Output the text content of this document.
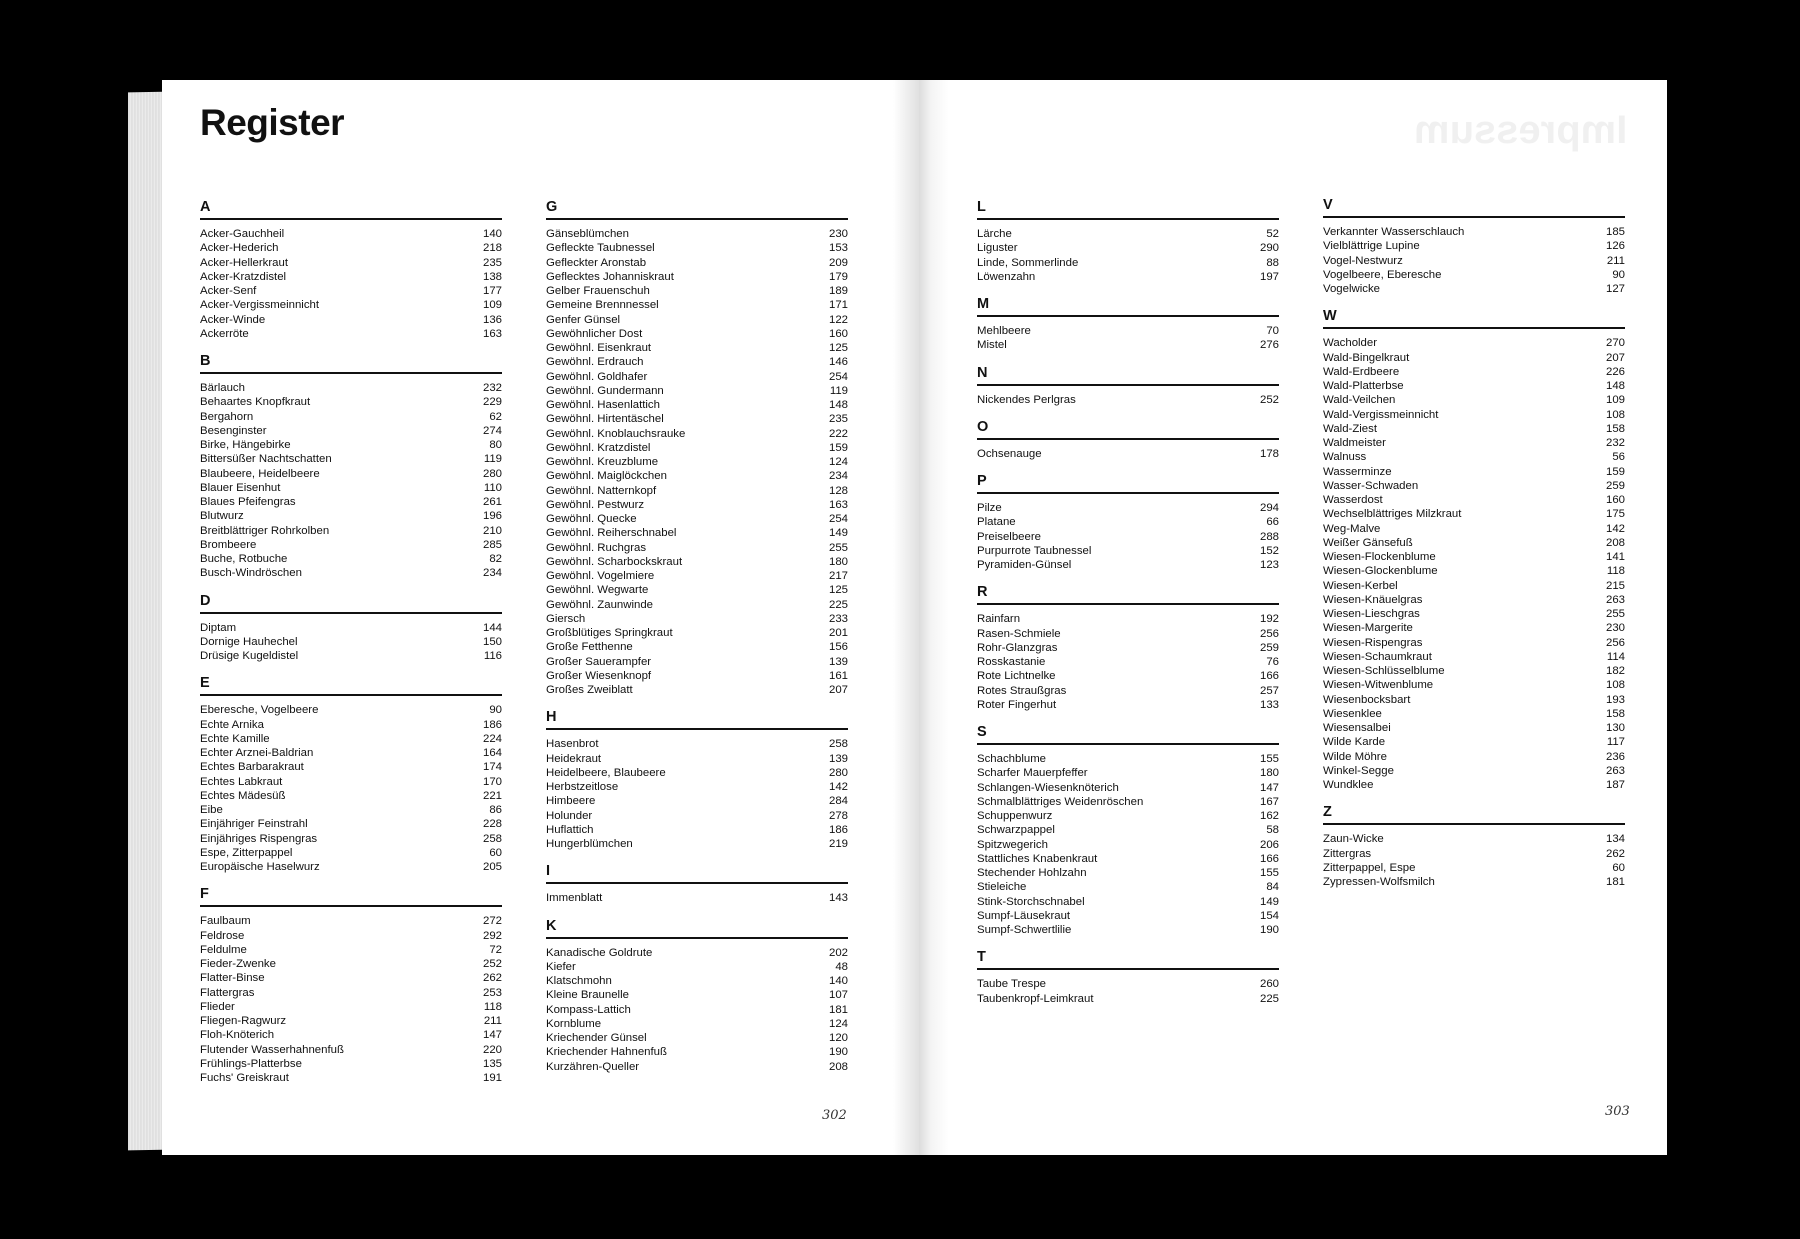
Register
A
Acker-Gauchheil	140
Acker-Hederich	218
Acker-Hellerkraut	235
Acker-Kratzdistel	138
Acker-Senf	177
Acker-Vergissmeinnicht	109
Acker-Winde	136
Ackerröte	163
B
Bärlauch	232
Behaartes Knopfkraut	229
Bergahorn	62
Besenginster	274
Birke, Hängebirke	80
Bittersüßer Nachtschatten	119
Blaubeere, Heidelbeere	280
Blauer Eisenhut	110
Blaues Pfeifengras	261
Blutwurz	196
Breitblättriger Rohrkolben	210
Brombeere	285
Buche, Rotbuche	82
Busch-Windröschen	234
D
Diptam	144
Dornige Hauhechel	150
Drüsige Kugeldistel	116
E
Eberesche, Vogelbeere	90
Echte Arnika	186
Echte Kamille	224
Echter Arznei-Baldrian	164
Echtes Barbarakraut	174
Echtes Labkraut	170
Echtes Mädesüß	221
Eibe	86
Einjähriger Feinstrahl	228
Einjähriges Rispengras	258
Espe, Zitterpappel	60
Europäische Haselwurz	205
F
Faulbaum	272
Feldrose	292
Feldulme	72
Fieder-Zwenke	252
Flatter-Binse	262
Flattergras	253
Flieder	118
Fliegen-Ragwurz	211
Floh-Knöterich	147
Flutender Wasserhahnenfuß	220
Frühlings-Platterbse	135
Fuchs' Greiskraut	191
G
Gänseblümchen	230
Gefleckte Taubnessel	153
Gefleckter Aronstab	209
Geflecktes Johanniskraut	179
Gelber Frauenschuh	189
Gemeine Brennnessel	171
Genfer Günsel	122
Gewöhnlicher Dost	160
Gewöhnl. Eisenkraut	125
Gewöhnl. Erdrauch	146
Gewöhnl. Goldhafer	254
Gewöhnl. Gundermann	119
Gewöhnl. Hasenlattich	148
Gewöhnl. Hirtentäschel	235
Gewöhnl. Knoblauchsrauke	222
Gewöhnl. Kratzdistel	159
Gewöhnl. Kreuzblume	124
Gewöhnl. Maiglöckchen	234
Gewöhnl. Natternkopf	128
Gewöhnl. Pestwurz	163
Gewöhnl. Quecke	254
Gewöhnl. Reiherschnabel	149
Gewöhnl. Ruchgras	255
Gewöhnl. Scharbockskraut	180
Gewöhnl. Vogelmiere	217
Gewöhnl. Wegwarte	125
Gewöhnl. Zaunwinde	225
Giersch	233
Großblütiges Springkraut	201
Große Fetthenne	156
Großer Sauerampfer	139
Großer Wiesenknopf	161
Großes Zweiblatt	207
H
Hasenbrot	258
Heidekraut	139
Heidelbeere, Blaubeere	280
Herbstzeitlose	142
Himbeere	284
Holunder	278
Huflattich	186
Hungerblümchen	219
I
Immenblatt	143
K
Kanadische Goldrute	202
Kiefer	48
Klatschmohn	140
Kleine Braunelle	107
Kompass-Lattich	181
Kornblume	124
Kriechender Günsel	120
Kriechender Hahnenfuß	190
Kurzähren-Queller	208
302
Impressum
L
Lärche	52
Liguster	290
Linde, Sommerlinde	88
Löwenzahn	197
M
Mehlbeere	70
Mistel	276
N
Nickendes Perlgras	252
O
Ochsenauge	178
P
Pilze	294
Platane	66
Preiselbeere	288
Purpurrote Taubnessel	152
Pyramiden-Günsel	123
R
Rainfarn	192
Rasen-Schmiele	256
Rohr-Glanzgras	259
Rosskastanie	76
Rote Lichtnelke	166
Rotes Straußgras	257
Roter Fingerhut	133
S
Schachblume	155
Scharfer Mauerpfeffer	180
Schlangen-Wiesenknöterich	147
Schmalblättriges Weidenröschen	167
Schuppenwurz	162
Schwarzpappel	58
Spitzwegerich	206
Stattliches Knabenkraut	166
Stechender Hohlzahn	155
Stieleiche	84
Stink-Storchschnabel	149
Sumpf-Läusekraut	154
Sumpf-Schwertlilie	190
T
Taube Trespe	260
Taubenkropf-Leimkraut	225
V
Verkannter Wasserschlauch	185
Vielblättrige Lupine	126
Vogel-Nestwurz	211
Vogelbeere, Eberesche	90
Vogelwicke	127
W
Wacholder	270
Wald-Bingelkraut	207
Wald-Erdbeere	226
Wald-Platterbse	148
Wald-Veilchen	109
Wald-Vergissmeinnicht	108
Wald-Ziest	158
Waldmeister	232
Walnuss	56
Wasserminze	159
Wasser-Schwaden	259
Wasserdost	160
Wechselblättriges Milzkraut	175
Weg-Malve	142
Weißer Gänsefuß	208
Wiesen-Flockenblume	141
Wiesen-Glockenblume	118
Wiesen-Kerbel	215
Wiesen-Knäuelgras	263
Wiesen-Lieschgras	255
Wiesen-Margerite	230
Wiesen-Rispengras	256
Wiesen-Schaumkraut	114
Wiesen-Schlüsselblume	182
Wiesen-Witwenblume	108
Wiesenbocksbart	193
Wiesenklee	158
Wiesensalbei	130
Wilde Karde	117
Wilde Möhre	236
Winkel-Segge	263
Wundklee	187
Z
Zaun-Wicke	134
Zittergras	262
Zitterpappel, Espe	60
Zypressen-Wolfsmilch	181
303
